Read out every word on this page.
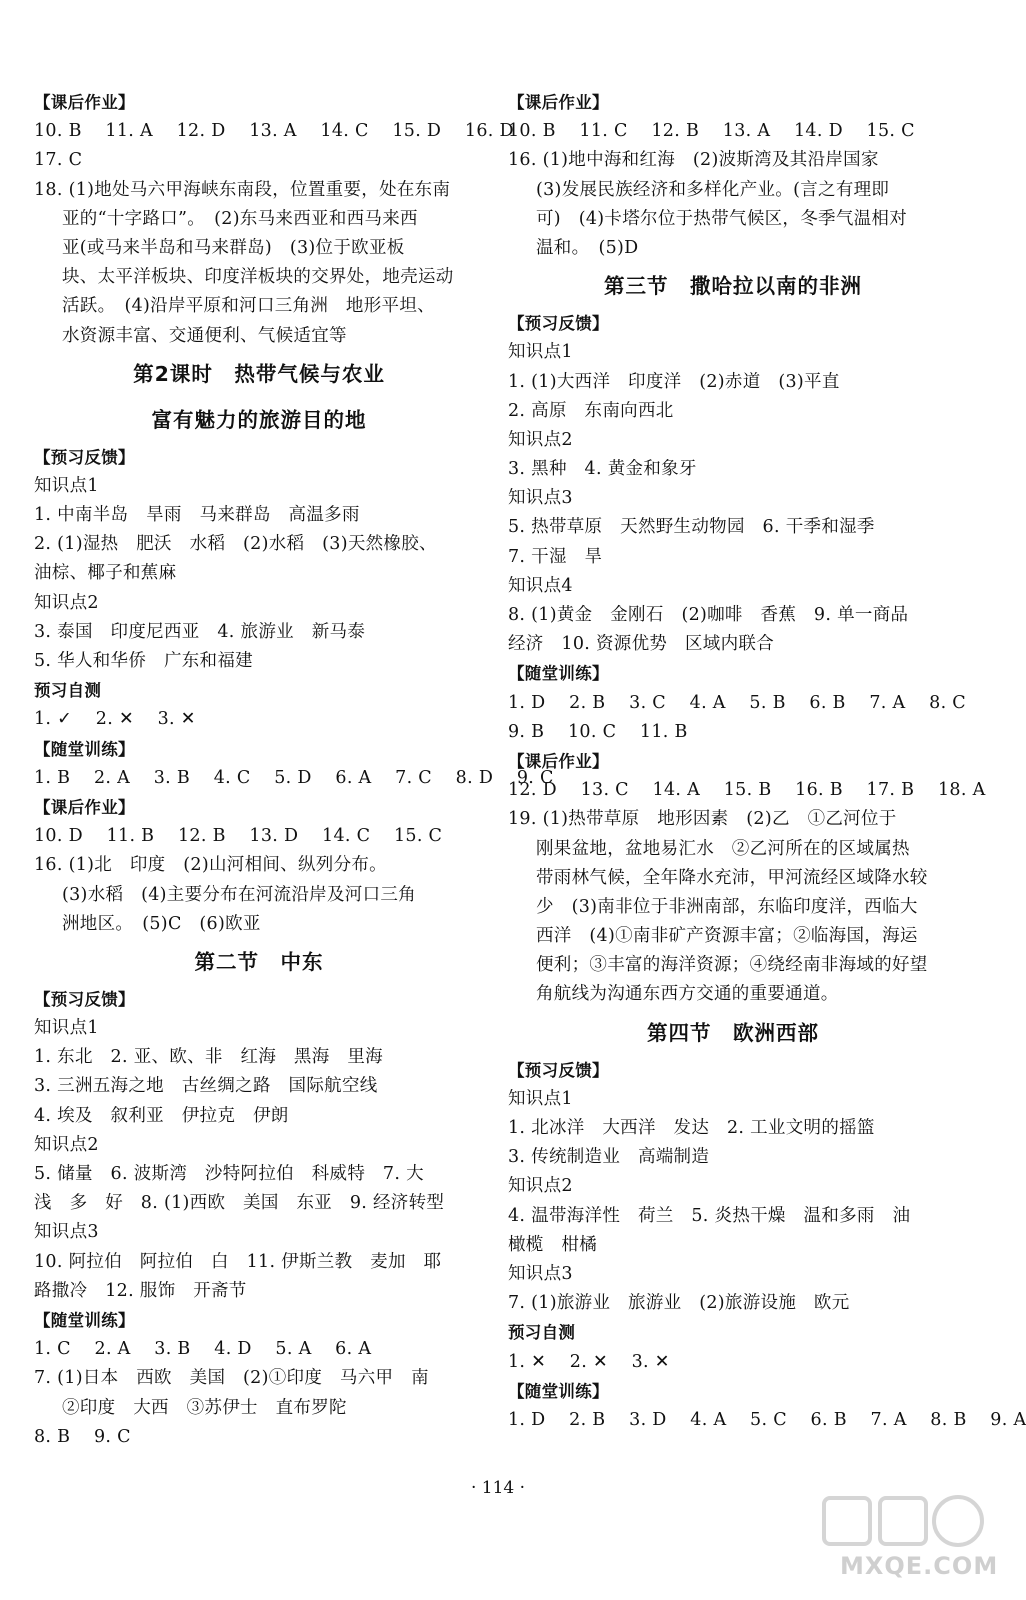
【课后作业】
10. B　 11. A　 12. D　 13. A　 14. C　 15. D　 16. D
17. C
18. (1)地处马六甲海峡东南段，位置重要，处在东南
亚的“十字路口”。　(2)东马来西亚和西马来西
亚(或马来半岛和马来群岛)　(3)位于欧亚板
块、太平洋板块、印度洋板块的交界处，地壳运动
活跃。　(4)沿岸平原和河口三角洲　地形平坦、
水资源丰富、交通便利、气候适宜等
第2课时　热带气候与农业
富有魅力的旅游目的地
【预习反馈】
知识点1
1. 中南半岛　旱雨　马来群岛　高温多雨
2. (1)湿热　肥沃　水稻　(2)水稻　(3)天然橡胶、
油棕、椰子和蕉麻
知识点2
3. 泰国　印度尼西亚　4. 旅游业　新马泰
5. 华人和华侨　广东和福建
预习自测
1. ✓　 2. ✕　 3. ✕
【随堂训练】
1. B　 2. A　 3. B　 4. C　 5. D　 6. A　 7. C　 8. D　 9. C
【课后作业】
10. D　 11. B　 12. B　 13. D　 14. C　 15. C
16. (1)北　印度　(2)山河相间、纵列分布。
(3)水稻　(4)主要分布在河流沿岸及河口三角
洲地区。　(5)C　(6)欧亚
第二节　中东
【预习反馈】
知识点1
1. 东北　2. 亚、欧、非　红海　黑海　里海
3. 三洲五海之地　古丝绸之路　国际航空线
4. 埃及　叙利亚　伊拉克　伊朗
知识点2
5. 储量　6. 波斯湾　沙特阿拉伯　科威特　7. 大
浅　多　好　8. (1)西欧　美国　东亚　9. 经济转型
知识点3
10. 阿拉伯　阿拉伯　白　11. 伊斯兰教　麦加　耶
路撒冷　12. 服饰　开斋节
【随堂训练】
1. C　 2. A　 3. B　 4. D　 5. A　 6. A
7. (1)日本　西欧　美国　(2)①印度　马六甲　南
②印度　大西　③苏伊士　直布罗陀
8. B　 9. C
【课后作业】
10. B　 11. C　 12. B　 13. A　 14. D　 15. C
16. (1)地中海和红海　(2)波斯湾及其沿岸国家
(3)发展民族经济和多样化产业。(言之有理即
可)　(4)卡塔尔位于热带气候区，冬季气温相对
温和。　(5)D
第三节　撒哈拉以南的非洲
【预习反馈】
知识点1
1. (1)大西洋　印度洋　(2)赤道　(3)平直
2. 高原　东南向西北
知识点2
3. 黑种　4. 黄金和象牙
知识点3
5. 热带草原　天然野生动物园　6. 干季和湿季
7. 干湿　旱
知识点4
8. (1)黄金　金刚石　(2)咖啡　香蕉　9. 单一商品
经济　10. 资源优势　区域内联合
【随堂训练】
1. D　 2. B　 3. C　 4. A　 5. B　 6. B　 7. A　 8. C
9. B　 10. C　 11. B
【课后作业】
12. D　 13. C　 14. A　 15. B　 16. B　 17. B　 18. A
19. (1)热带草原　地形因素　(2)乙　①乙河位于
刚果盆地，盆地易汇水　②乙河所在的区域属热
带雨林气候，全年降水充沛，甲河流经区域降水较
少　(3)南非位于非洲南部，东临印度洋，西临大
西洋　(4)①南非矿产资源丰富；②临海国，海运
便利；③丰富的海洋资源；④绕经南非海域的好望
角航线为沟通东西方交通的重要通道。
第四节　欧洲西部
【预习反馈】
知识点1
1. 北冰洋　大西洋　发达　2. 工业文明的摇篮
3. 传统制造业　高端制造
知识点2
4. 温带海洋性　荷兰　5. 炎热干燥　温和多雨　油
橄榄　柑橘
知识点3
7. (1)旅游业　旅游业　(2)旅游设施　欧元
预习自测
1. ✕　 2. ✕　 3. ✕
【随堂训练】
1. D　 2. B　 3. D　 4. A　 5. C　 6. B　 7. A　 8. B　 9. A
· 114 ·
MXQE.COM
